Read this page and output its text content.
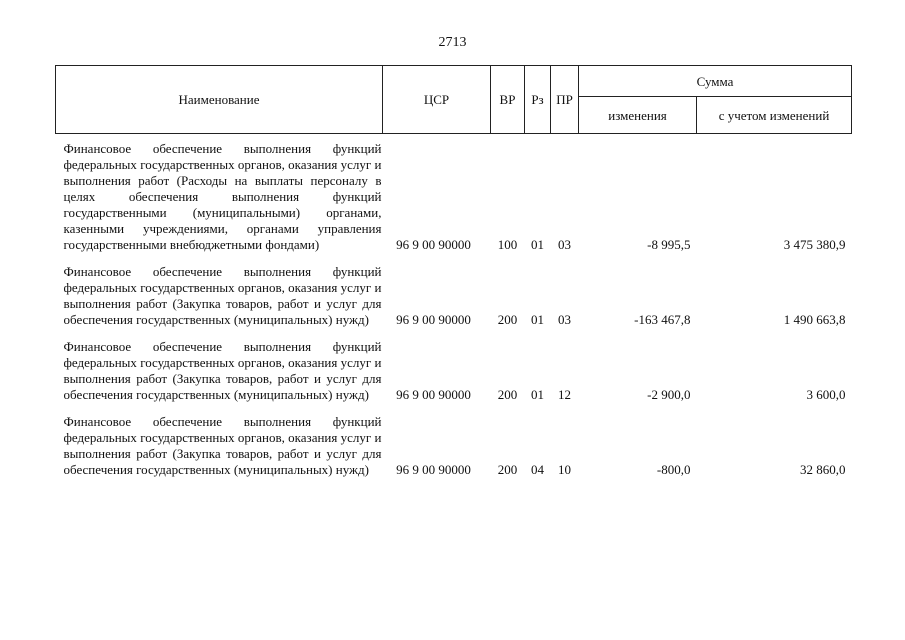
2713
Наименование	ЦСР	ВР	Рз	ПР	Сумма	
					изменения	с учетом изменений

Финансовое обеспечение выполнения функций федеральных государственных органов, оказания услуг и выполнения работ (Расходы на выплаты персоналу в целях обеспечения выполнения функций государственными (муниципальными) органами, казенными учреждениями, органами управления государственными внебюджетными фондами)	96 9 00 90000	100	01	03	-8 995,5	3 475 380,9

Финансовое обеспечение выполнения функций федеральных государственных органов, оказания услуг и выполнения работ (Закупка товаров, работ и услуг для обеспечения государственных (муниципальных) нужд)	96 9 00 90000	200	01	03	-163 467,8	1 490 663,8

Финансовое обеспечение выполнения функций федеральных государственных органов, оказания услуг и выполнения работ (Закупка товаров, работ и услуг для обеспечения государственных (муниципальных) нужд)	96 9 00 90000	200	01	12	-2 900,0	3 600,0

Финансовое обеспечение выполнения функций федеральных государственных органов, оказания услуг и выполнения работ (Закупка товаров, работ и услуг для обеспечения государственных (муниципальных) нужд)	96 9 00 90000	200	04	10	-800,0	32 860,0
